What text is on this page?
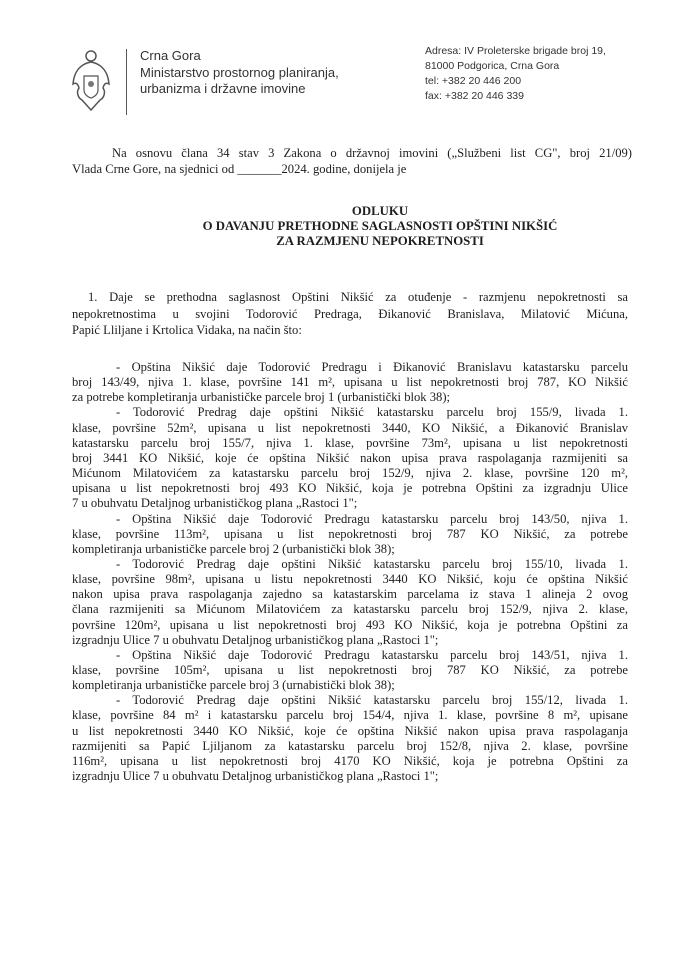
Crna Gora
Ministarstvo prostornog planiranja,
urbanizma i državne imovine
Adresa: IV Proleterske brigade broj 19,
81000 Podgorica, Crna Gora
tel: +382 20 446 200
fax: +382 20 446 339
Na osnovu člana 34 stav 3 Zakona o državnoj imovini („Službeni list CG", broj 21/09)
Vlada Crne Gore, na sjednici od _______2024. godine, donijela je
ODLUKU
O DAVANJU PRETHODNE SAGLASNOSTI OPŠTINI NIKŠIĆ
ZA RAZMJENU NEPOKRETNOSTI
1. Daje se prethodna saglasnost Opštini Nikšić za otuđenje - razmjenu nepokretnosti sa
nepokretnostima u svojini Todorović Predraga, Đikanović Branislava, Milatović Mićuna,
Papić Lliljane i Krtolica Vidaka, na način što:
- Opština Nikšić daje Todorović Predragu i Đikanović Branislavu katastarsku parcelu
broj 143/49, njiva 1. klase, površine 141 m², upisana u list nepokretnosti broj 787, KO Nikšić
za potrebe kompletiranja urbanističke parcele broj 1 (urbanistički blok 38);
- Todorović Predrag daje opštini Nikšić katastarsku parcelu broj 155/9, livada 1.
klase, površine 52m², upisana u list nepokretnosti 3440, KO Nikšić, a Đikanović Branislav
katastarsku parcelu broj 155/7, njiva 1. klase, površine 73m², upisana u list nepokretnosti
broj 3441 KO Nikšić, koje će opština Nikšić nakon upisa prava raspolaganja razmijeniti sa
Mićunom Milatovićem za katastarsku parcelu broj 152/9, njiva 2. klase, površine 120 m²,
upisana u list nepokretnosti broj 493 KO Nikšić, koja je potrebna Opštini za izgradnju Ulice
7 u obuhvatu Detaljnog urbanističkog plana „Rastoci 1";
- Opština Nikšić daje Todorović Predragu katastarsku parcelu broj 143/50, njiva 1.
klase, površine 113m², upisana u list nepokretnosti broj 787 KO Nikšić, za potrebe
kompletiranja urbanističke parcele broj 2 (urbanistički blok 38);
- Todorović Predrag daje opštini Nikšić katastarsku parcelu broj 155/10, livada 1.
klase, površine 98m², upisana u listu nepokretnosti 3440 KO Nikšić, koju će opština Nikšić
nakon upisa prava raspolaganja zajedno sa katastarskim parcelama iz stava 1 alineja 2 ovog
člana razmijeniti sa Mićunom Milatovićem za katastarsku parcelu broj 152/9, njiva 2. klase,
površine 120m², upisana u list nepokretnosti broj 493 KO Nikšić, koja je potrebna Opštini za
izgradnju Ulice 7 u obuhvatu Detaljnog urbanističkog plana „Rastoci 1";
- Opština Nikšić daje Todorović Predragu katastarsku parcelu broj 143/51, njiva 1.
klase, površine 105m², upisana u list nepokretnosti broj 787 KO Nikšić, za potrebe
kompletiranja urbanističke parcele broj 3 (urnabistički blok 38);
- Todorović Predrag daje opštini Nikšić katastarsku parcelu broj 155/12, livada 1.
klase, površine 84 m² i katastarsku parcelu broj 154/4, njiva 1. klase, površine 8 m², upisane
u list nepokretnosti 3440 KO Nikšić, koje će opština Nikšić nakon upisa prava raspolaganja
razmijeniti sa Papić Ljiljanom za katastarsku parcelu broj 152/8, njiva 2. klase, površine
116m², upisana u list nepokretnosti broj 4170 KO Nikšić, koja je potrebna Opštini za
izgradnju Ulice 7 u obuhvatu Detaljnog urbanističkog plana „Rastoci 1";
